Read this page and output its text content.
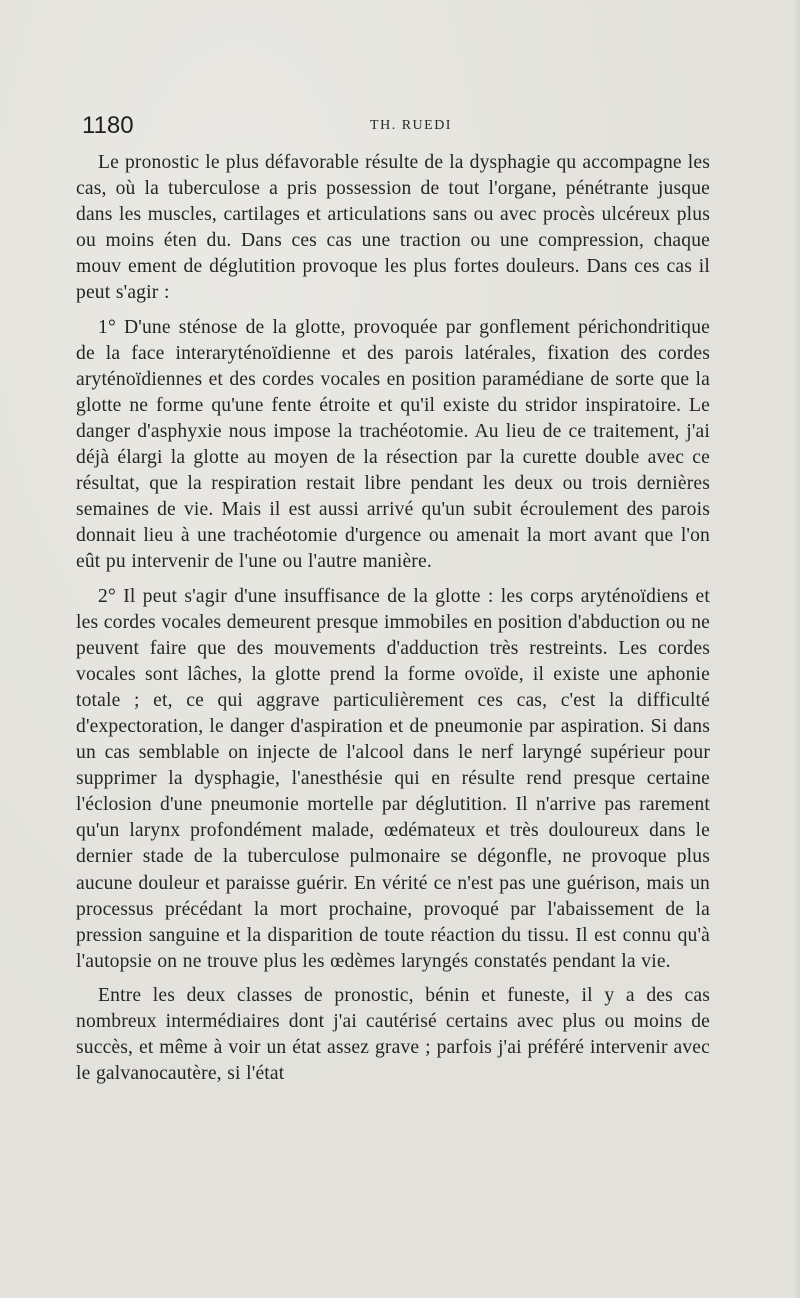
1180	TH. RUEDI

Le pronostic le plus défavorable résulte de la dysphagie qu accompagne les cas, où la tuberculose a pris possession de tout l'organe, pénétrante jusque dans les muscles, cartilages et articulations sans ou avec procès ulcéreux plus ou moins éten du. Dans ces cas une traction ou une compression, chaque mouv ement de déglutition provoque les plus fortes douleurs. Dans ces cas il peut s'agir :

1° D'une sténose de la glotte, provoquée par gonflement périchondritique de la face interaryténoïdienne et des parois latérales, fixation des cordes aryténoïdiennes et des cordes vocales en position paramédiane de sorte que la glotte ne forme qu'une fente étroite et qu'il existe du stridor inspiratoire. Le danger d'asphyxie nous impose la trachéotomie. Au lieu de ce traitement, j'ai déjà élargi la glotte au moyen de la résection par la curette double avec ce résultat, que la respiration restait libre pendant les deux ou trois dernières semaines de vie. Mais il est aussi arrivé qu'un subit écroulement des parois donnait lieu à une trachéotomie d'urgence ou amenait la mort avant que l'on eût pu intervenir de l'une ou l'autre manière.

2° Il peut s'agir d'une insuffisance de la glotte : les corps aryténoïdiens et les cordes vocales demeurent presque immobiles en position d'abduction ou ne peuvent faire que des mouvements d'adduction très restreints. Les cordes vocales sont lâches, la glotte prend la forme ovoïde, il existe une aphonie totale ; et, ce qui aggrave particulièrement ces cas, c'est la difficulté d'expectoration, le danger d'aspiration et de pneumonie par aspiration. Si dans un cas semblable on injecte de l'alcool dans le nerf laryngé supérieur pour supprimer la dysphagie, l'anesthésie qui en résulte rend presque certaine l'éclosion d'une pneumonie mortelle par déglutition. Il n'arrive pas rarement qu'un larynx profondément malade, œdémateux et très douloureux dans le dernier stade de la tuberculose pulmonaire se dégonfle, ne provoque plus aucune douleur et paraisse guérir. En vérité ce n'est pas une guérison, mais un processus précédant la mort prochaine, provoqué par l'abaissement de la pression sanguine et la disparition de toute réaction du tissu. Il est connu qu'à l'autopsie on ne trouve plus les œdèmes laryngés constatés pendant la vie.

Entre les deux classes de pronostic, bénin et funeste, il y a des cas nombreux intermédiaires dont j'ai cautérisé certains avec plus ou moins de succès, et même à voir un état assez grave ; parfois j'ai préféré intervenir avec le galvanocautère, si l'état
